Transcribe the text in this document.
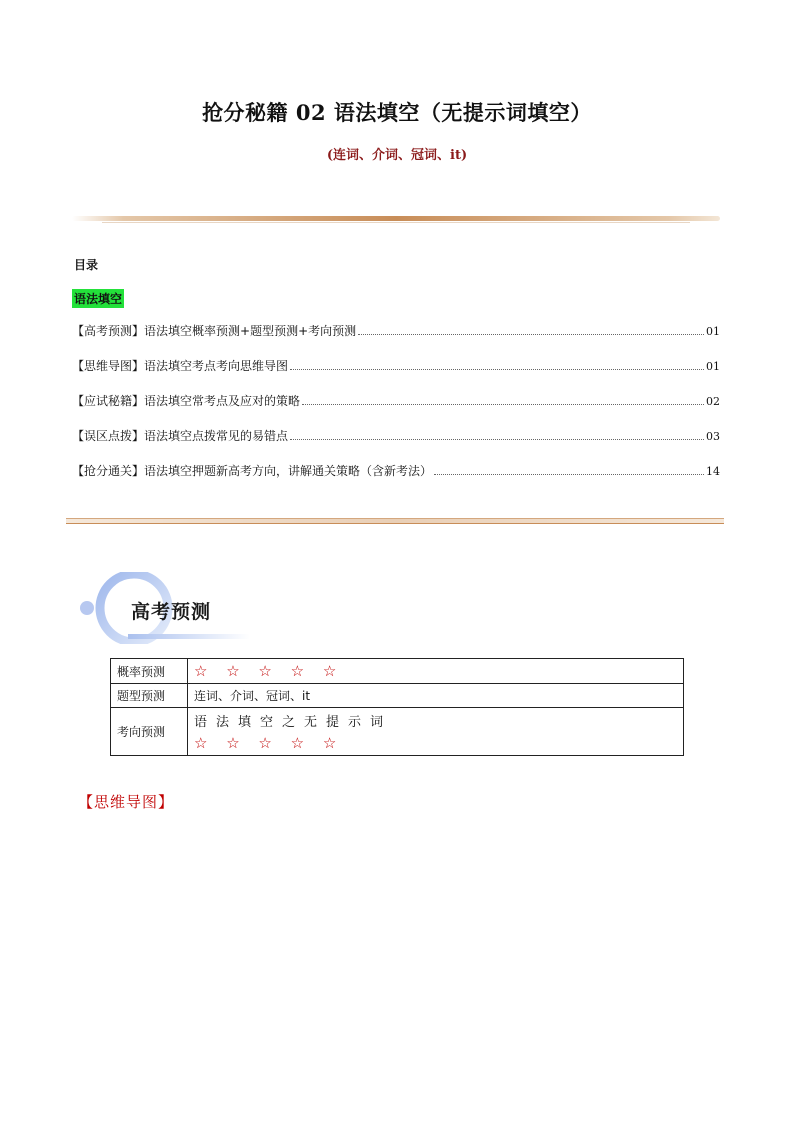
抢分秘籍 02 语法填空（无提示词填空）
(连词、介词、冠词、it)
目录
语法填空
【高考预测】 语法填空概率预测+题型预测+考向预测	01
【思维导图】 语法填空考点考向思维导图	01
【应试秘籍】 语法填空常考点及应对的策略	02
【误区点拨】 语法填空点拨常见的易错点	03
【抢分通关】 语法填空押题新高考方向，讲解通关策略（含新考法）	14
高考预测
概率预测	☆ ☆ ☆ ☆ ☆
题型预测	连词、介词、冠词、it
考向预测	语法填空之无提示词
☆ ☆ ☆ ☆ ☆
【思维导图】
